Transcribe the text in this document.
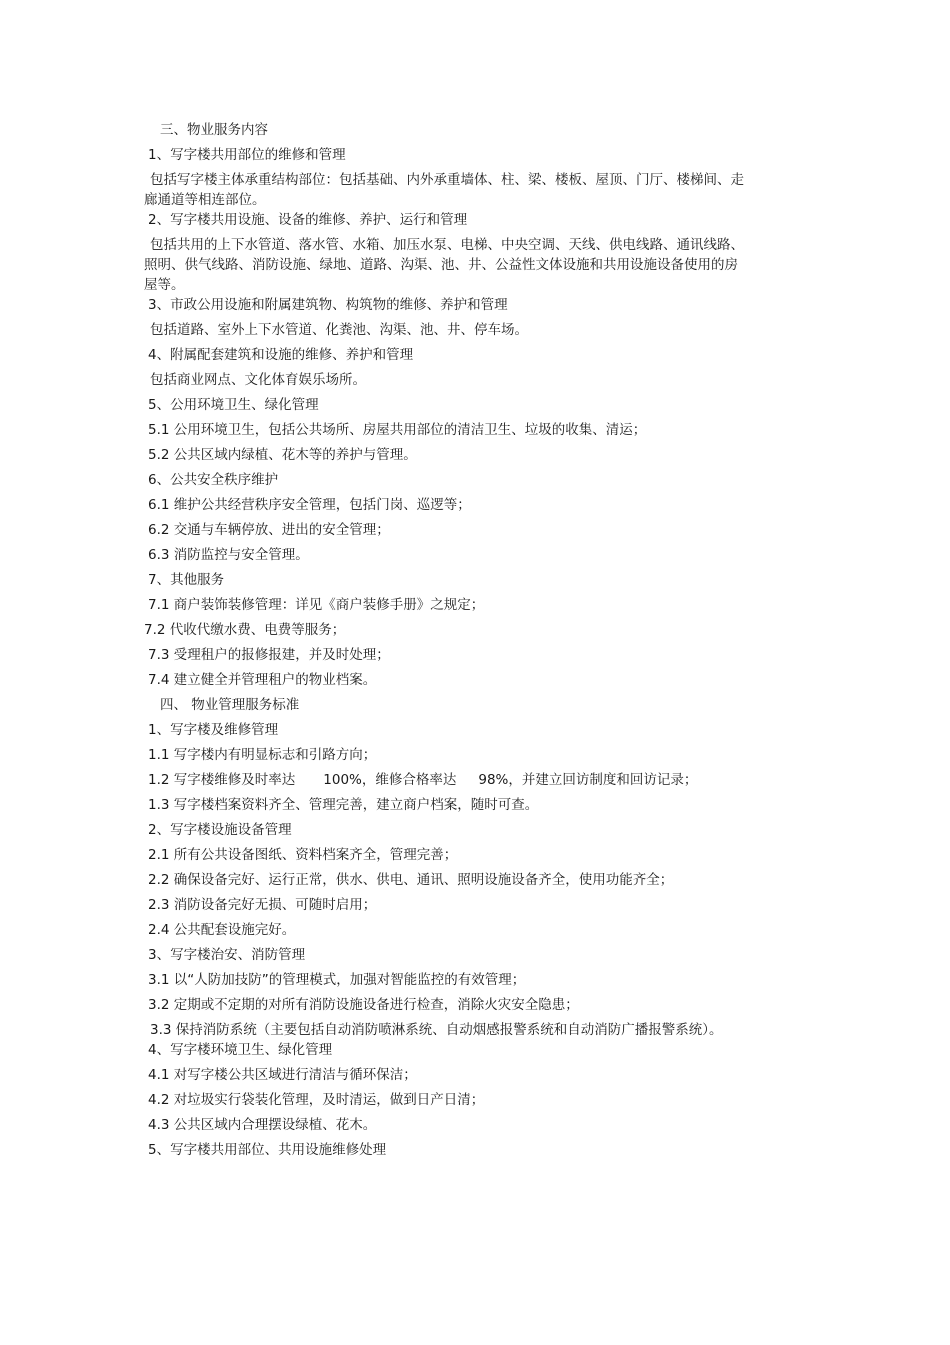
三、物业服务内容
1、写字楼共用部位的维修和管理
包括写字楼主体承重结构部位：包括基础、内外承重墙体、柱、梁、楼板、屋顶、门厅、楼梯间、走廊通道等相连部位。
2、写字楼共用设施、设备的维修、养护、运行和管理
包括共用的上下水管道、落水管、水箱、加压水泵、电梯、中央空调、天线、供电线路、通讯线路、照明、供气线路、消防设施、绿地、道路、沟渠、池、井、公益性文体设施和共用设施设备使用的房屋等。
3、市政公用设施和附属建筑物、构筑物的维修、养护和管理
包括道路、室外上下水管道、化粪池、沟渠、池、井、停车场。
4、附属配套建筑和设施的维修、养护和管理
包括商业网点、文化体育娱乐场所。
5、公用环境卫生、绿化管理
5.1 公用环境卫生，包括公共场所、房屋共用部位的清洁卫生、垃圾的收集、清运；
5.2 公共区域内绿植、花木等的养护与管理。
6、公共安全秩序维护
6.1 维护公共经营秩序安全管理，包括门岗、巡逻等；
6.2 交通与车辆停放、进出的安全管理；
6.3 消防监控与安全管理。
7、其他服务
7.1 商户装饰装修管理：详见《商户装修手册》之规定；
7.2 代收代缴水费、电费等服务；
7.3 受理租户的报修报建，并及时处理；
7.4 建立健全并管理租户的物业档案。
四、 物业管理服务标准
1、写字楼及维修管理
1.1 写字楼内有明显标志和引路方向；
1.2 写字楼维修及时率达 100%，维修合格率达 98%，并建立回访制度和回访记录；
1.3 写字楼档案资料齐全、管理完善，建立商户档案，随时可查。
2、写字楼设施设备管理
2.1 所有公共设备图纸、资料档案齐全，管理完善；
2.2 确保设备完好、运行正常，供水、供电、通讯、照明设施设备齐全，使用功能齐全；
2.3 消防设备完好无损、可随时启用；
2.4 公共配套设施完好。
3、写字楼治安、消防管理
3.1 以“人防加技防”的管理模式，加强对智能监控的有效管理；
3.2 定期或不定期的对所有消防设施设备进行检查，消除火灾安全隐患；
3.3 保持消防系统（主要包括自动消防喷淋系统、自动烟感报警系统和自动消防广播报警系统）。
4、写字楼环境卫生、绿化管理
4.1 对写字楼公共区域进行清洁与循环保洁；
4.2 对垃圾实行袋装化管理，及时清运，做到日产日清；
4.3 公共区域内合理摆设绿植、花木。
5、写字楼共用部位、共用设施维修处理
